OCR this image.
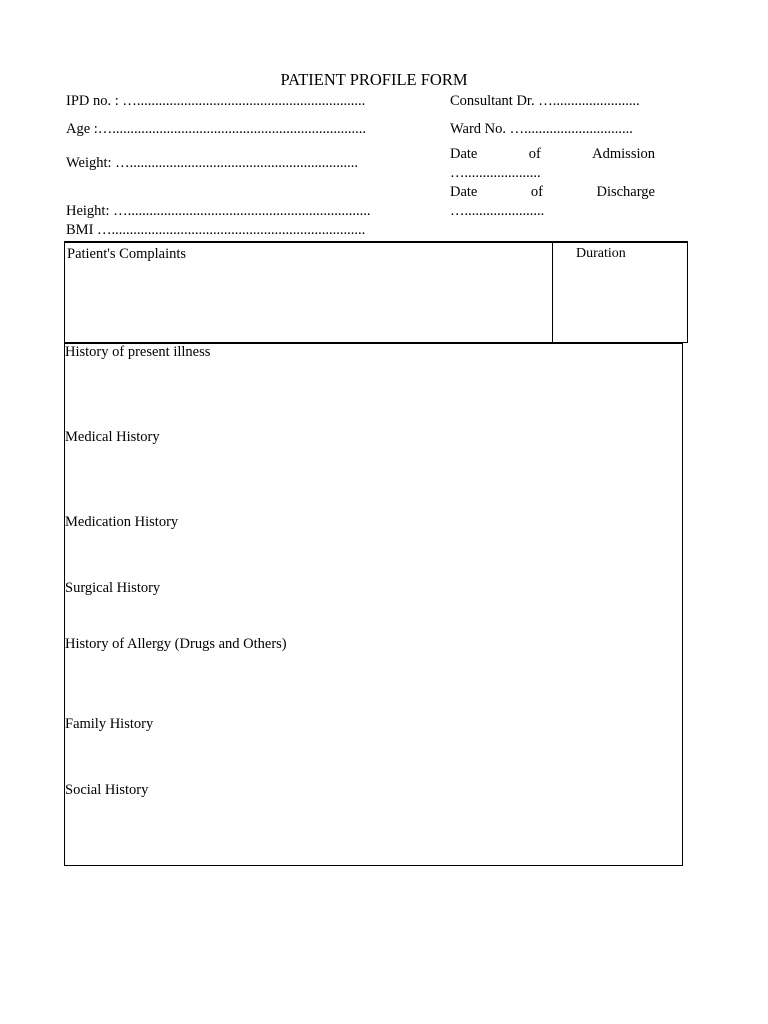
PATIENT PROFILE FORM
IPD no. : …...............................................................
Age :…......................................................................
Weight: …...............................................................
Height: …...................................................................
BMI …......................................................................
Consultant Dr. …........................
Ward No. …..............................
Date	of	Admission
….....................
Date	of	Discharge
…......................
Patient's Complaints	Duration
History of present illness
Medical History
Medication History
Surgical History
History of Allergy (Drugs and Others)
Family History
Social History
